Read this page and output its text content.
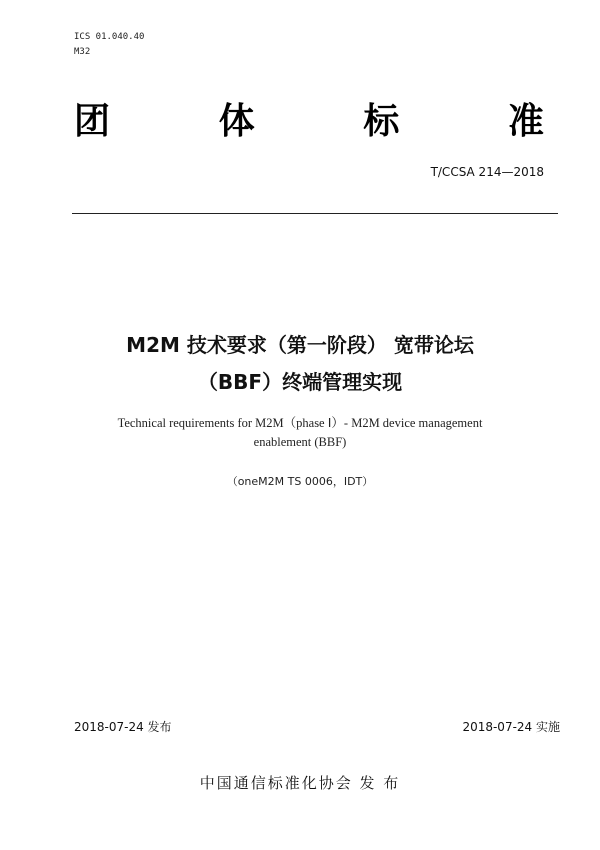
ICS 01.040.40
M32
团	体	标	准
T/CCSA 214—2018
M2M 技术要求（第一阶段） 宽带论坛
（BBF）终端管理实现
Technical requirements for M2M（phase Ⅰ）- M2M device management
enablement (BBF)
（oneM2M TS 0006，IDT）
2018-07-24 发布	2018-07-24 实施
中国通信标准化协会 发 布
